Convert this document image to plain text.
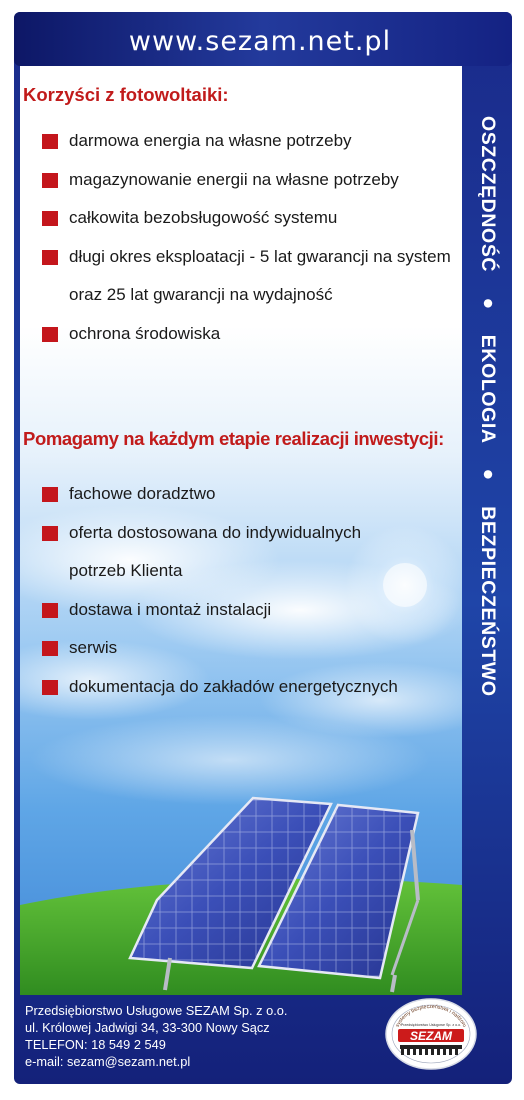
www.sezam.net.pl
Korzyści z fotowoltaiki:
darmowa energia na własne potrzeby
magazynowanie energii na własne potrzeby
całkowita bezobsługowość systemu
długi okres eksploatacji - 5 lat gwarancji na system
oraz 25 lat gwarancji na wydajność
ochrona środowiska
Pomagamy na każdym etapie realizacji inwestycji:
fachowe doradztwo
oferta dostosowana do indywidualnych
potrzeb Klienta
dostawa i montaż instalacji
serwis
dokumentacja do zakładów energetycznych
OSZCZĘDNOŚĆ ● EKOLOGIA ● BEZPIECZEŃSTWO
Przedsiębiorstwo Usługowe SEZAM Sp. z o.o.
ul. Królowej Jadwigi 34, 33-300 Nowy Sącz
TELEFON: 18 549 2 549
e-mail: sezam@sezam.net.pl
systemy bezpieczeństwa i nadzoru
Przedsiębiorstwo Usługowe Sp. z o.o.
SEZAM
